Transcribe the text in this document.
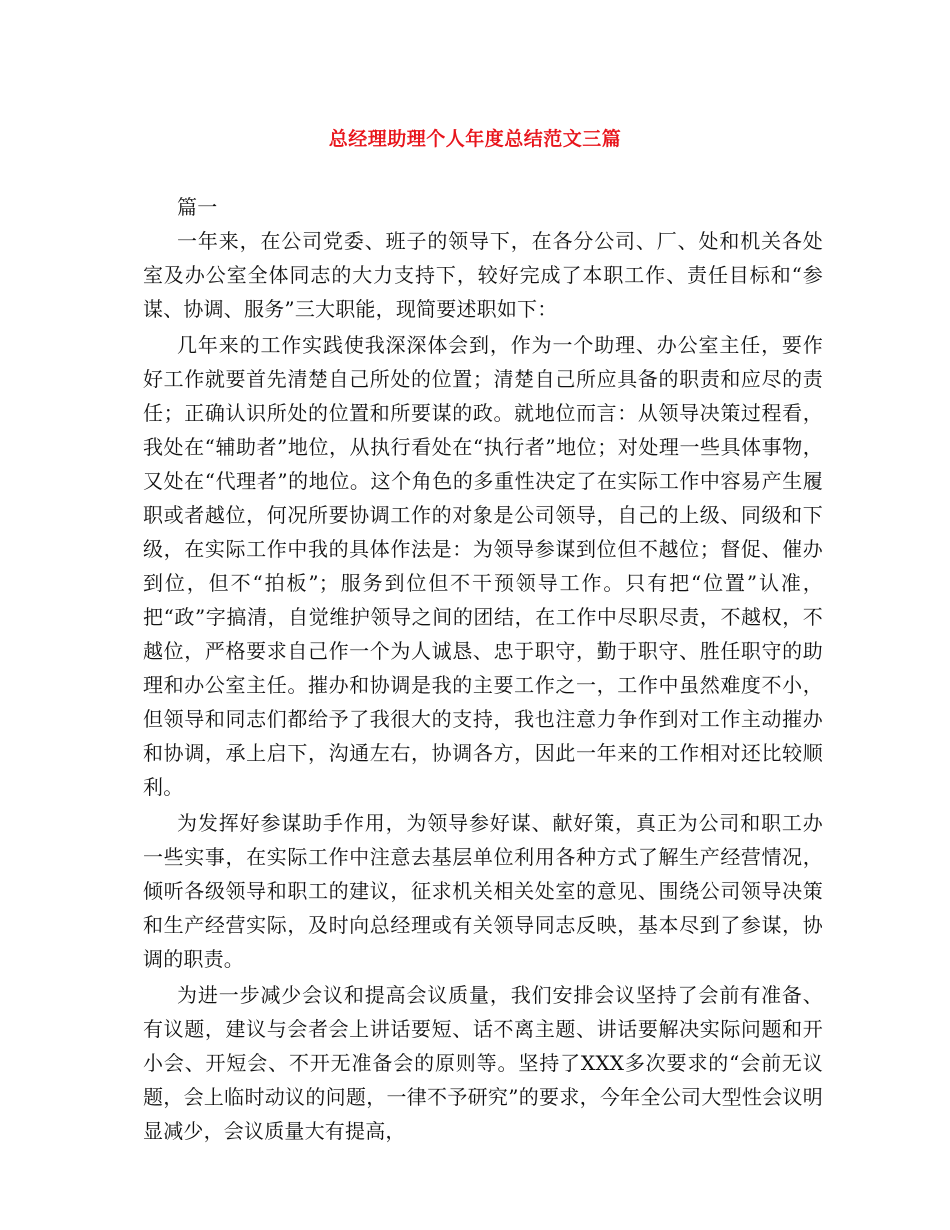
总经理助理个人年度总结范文三篇

篇一

一年来，在公司党委、班子的领导下，在各分公司、厂、处和机关各处室及办公室全体同志的大力支持下，较好完成了本职工作、责任目标和“参谋、协调、服务”三大职能，现简要述职如下：

几年来的工作实践使我深深体会到，作为一个助理、办公室主任，要作好工作就要首先清楚自己所处的位置；清楚自己所应具备的职责和应尽的责任；正确认识所处的位置和所要谋的政。就地位而言：从领导决策过程看，我处在“辅助者”地位，从执行看处在“执行者”地位；对处理一些具体事物，又处在“代理者”的地位。这个角色的多重性决定了在实际工作中容易产生履职或者越位，何况所要协调工作的对象是公司领导，自己的上级、同级和下级，在实际工作中我的具体作法是：为领导参谋到位但不越位；督促、催办到位，但不“拍板”；服务到位但不干预领导工作。只有把“位置”认准，把“政”字搞清，自觉维护领导之间的团结，在工作中尽职尽责，不越权，不越位，严格要求自己作一个为人诚恳、忠于职守，勤于职守、胜任职守的助理和办公室主任。摧办和协调是我的主要工作之一，工作中虽然难度不小，但领导和同志们都给予了我很大的支持，我也注意力争作到对工作主动摧办和协调，承上启下，沟通左右，协调各方，因此一年来的工作相对还比较顺利。

为发挥好参谋助手作用，为领导参好谋、献好策，真正为公司和职工办一些实事，在实际工作中注意去基层单位利用各种方式了解生产经营情况，倾听各级领导和职工的建议，征求机关相关处室的意见、围绕公司领导决策和生产经营实际，及时向总经理或有关领导同志反映，基本尽到了参谋，协调的职责。

为进一步减少会议和提高会议质量，我们安排会议坚持了会前有准备、有议题，建议与会者会上讲话要短、话不离主题、讲话要解决实际问题和开小会、开短会、不开无准备会的原则等。坚持了XXX多次要求的“会前无议题，会上临时动议的问题，一律不予研究”的要求，今年全公司大型性会议明显减少，会议质量大有提高，
